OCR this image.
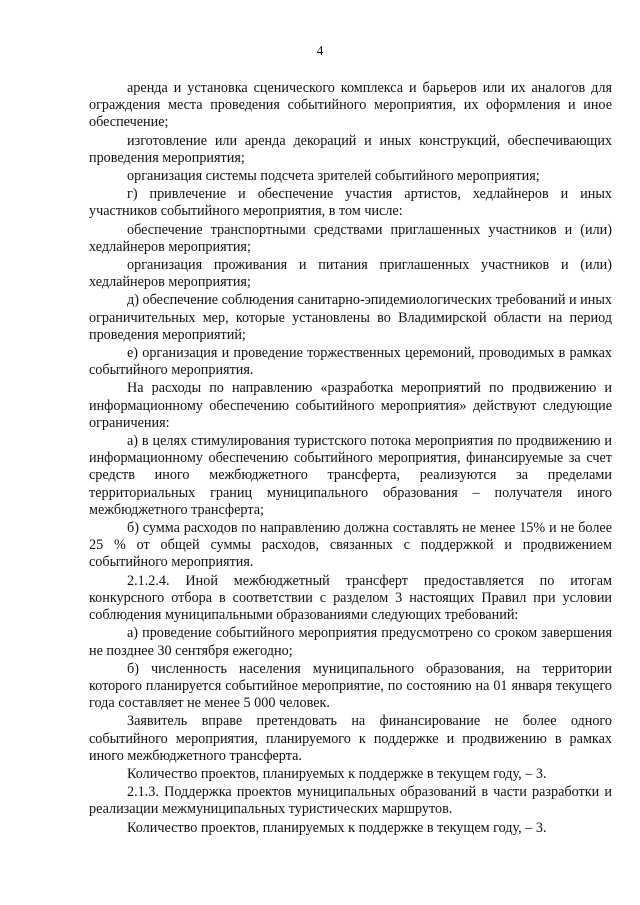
4

аренда и установка сценического комплекса и барьеров или их аналогов для ограждения места проведения событийного мероприятия, их оформления и иное обеспечение;

изготовление или аренда декораций и иных конструкций, обеспечивающих проведения мероприятия;

организация системы подсчета зрителей событийного мероприятия;

г) привлечение и обеспечение участия артистов, хедлайнеров и иных участников событийного мероприятия, в том числе:

обеспечение транспортными средствами приглашенных участников и (или) хедлайнеров мероприятия;

организация проживания и питания приглашенных участников и (или) хедлайнеров мероприятия;

д) обеспечение соблюдения санитарно-эпидемиологических требований и иных ограничительных мер, которые установлены во Владимирской области на период проведения мероприятий;

е) организация и проведение торжественных церемоний, проводимых в рамках событийного мероприятия.

На расходы по направлению «разработка мероприятий по продвижению и информационному обеспечению событийного мероприятия» действуют следующие ограничения:

а) в целях стимулирования туристского потока мероприятия по продвижению и информационному обеспечению событийного мероприятия, финансируемые за счет средств иного межбюджетного трансферта, реализуются за пределами территориальных границ муниципального образования – получателя иного межбюджетного трансферта;

б) сумма расходов по направлению должна составлять не менее 15% и не более 25 % от общей суммы расходов, связанных с поддержкой и продвижением событийного мероприятия.

2.1.2.4. Иной межбюджетный трансферт предоставляется по итогам конкурсного отбора в соответствии с разделом 3 настоящих Правил при условии соблюдения муниципальными образованиями следующих требований:

а) проведение событийного мероприятия предусмотрено со сроком завершения не позднее 30 сентября ежегодно;

б) численность населения муниципального образования, на территории которого планируется событийное мероприятие, по состоянию на 01 января текущего года составляет не менее 5 000 человек.

Заявитель вправе претендовать на финансирование не более одного событийного мероприятия, планируемого к поддержке и продвижению в рамках иного межбюджетного трансферта.

Количество проектов, планируемых к поддержке в текущем году, – 3.

2.1.3. Поддержка проектов муниципальных образований в части разработки и реализации межмуниципальных туристических маршрутов.

Количество проектов, планируемых к поддержке в текущем году, – 3.
